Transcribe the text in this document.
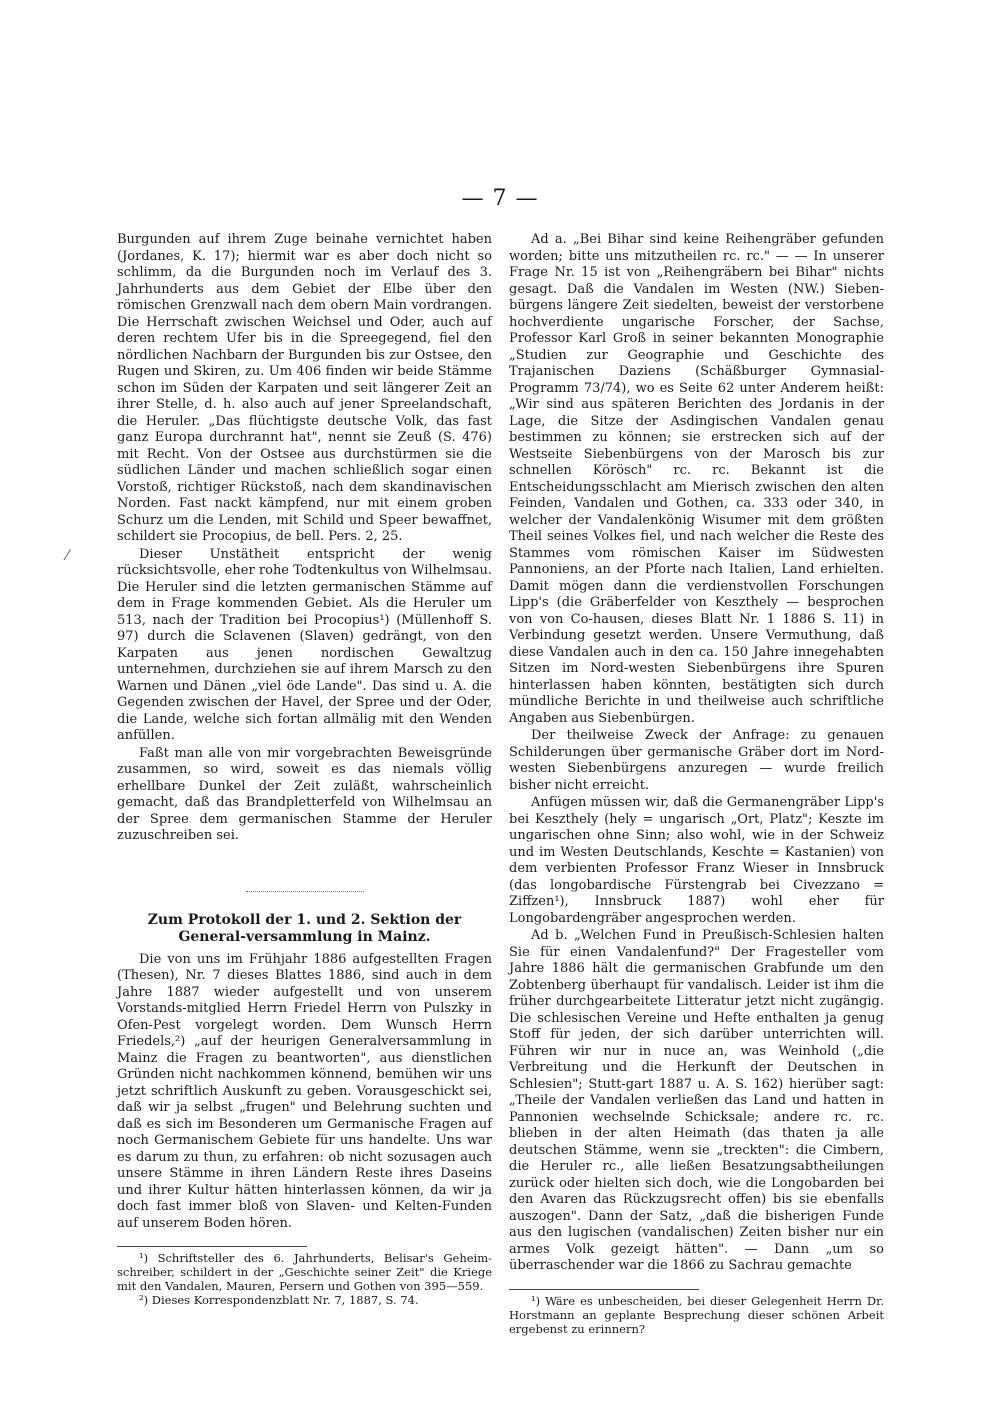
— 7 —
⁄

Burgunden auf ihrem Zuge beinahe vernichtet haben (Jordanes, K. 17); hiermit war es aber doch nicht so schlimm, da die Burgunden noch im Verlauf des 3. Jahrhunderts aus dem Gebiet der Elbe über den römischen Grenzwall nach dem obern Main vordrangen. Die Herrschaft zwischen Weichsel und Oder, auch auf deren rechtem Ufer bis in die Spreegegend, fiel den nördlichen Nachbarn der Burgunden bis zur Ostsee, den Rugen und Skiren, zu. Um 406 finden wir beide Stämme schon im Süden der Karpaten und seit längerer Zeit an ihrer Stelle, d. h. also auch auf jener Spreelandschaft, die Heruler. „Das flüchtigste deutsche Volk, das fast ganz Europa durchrannt hat", nennt sie Zeuß (S. 476) mit Recht. Von der Ostsee aus durchstürmen sie die südlichen Länder und machen schließlich sogar einen Vorstoß, richtiger Rückstoß, nach dem skandinavischen Norden. Fast nackt kämpfend, nur mit einem groben Schurz um die Lenden, mit Schild und Speer bewaffnet, schildert sie Procopius, de bell. Pers. 2, 25.

Dieser Unstätheit entspricht der wenig rücksichtsvolle, eher rohe Todtenkultus von Wilhelmsau. Die Heruler sind die letzten germanischen Stämme auf dem in Frage kommenden Gebiet. Als die Heruler um 513, nach der Tradition bei Procopius¹) (Müllenhoff S. 97) durch die Sclavenen (Slaven) gedrängt, von den Karpaten aus jenen nordischen Gewaltzug unternehmen, durchziehen sie auf ihrem Marsch zu den Warnen und Dänen „viel öde Lande". Das sind u. A. die Gegenden zwischen der Havel, der Spree und der Oder, die Lande, welche sich fortan allmälig mit den Wenden anfüllen.

Faßt man alle von mir vorgebrachten Beweisgründe zusammen, so wird, soweit es das niemals völlig erhellbare Dunkel der Zeit zuläßt, wahrscheinlich gemacht, daß das Brandpletterfeld von Wilhelmsau an der Spree dem germanischen Stamme der Heruler zuzuschreiben sei.

Zum Protokoll der 1. und 2. Sektion der General-versammlung in Mainz.

Die von uns im Frühjahr 1886 aufgestellten Fragen (Thesen), Nr. 7 dieses Blattes 1886, sind auch in dem Jahre 1887 wieder aufgestellt und von unserem Vorstands-mitglied Herrn Friedel Herrn von Pulszky in Ofen-Pest vorgelegt worden. Dem Wunsch Herrn Friedels,²) „auf der heurigen Generalversammlung in Mainz die Fragen zu beantworten", aus dienstlichen Gründen nicht nachkommen könnend, bemühen wir uns jetzt schriftlich Auskunft zu geben. Vorausgeschickt sei, daß wir ja selbst „frugen" und Belehrung suchten und daß es sich im Besonderen um Germanische Fragen auf noch Germanischem Gebiete für uns handelte. Uns war es darum zu thun, zu erfahren: ob nicht sozusagen auch unsere Stämme in ihren Ländern Reste ihres Daseins und ihrer Kultur hätten hinterlassen können, da wir ja doch fast immer bloß von Slaven- und Kelten-Funden auf unserem Boden hören.

¹) Schriftsteller des 6. Jahrhunderts, Belisar's Geheim-schreiber, schildert in der „Geschichte seiner Zeit" die Kriege mit den Vandalen, Mauren, Persern und Gothen von 395—559.

²) Dieses Korrespondenzblatt Nr. 7, 1887, S. 74.

Ad a. „Bei Bihar sind keine Reihengräber gefunden worden; bitte uns mitzutheilen rc. rc." — — In unserer Frage Nr. 15 ist von „Reihengräbern bei Bihar" nichts gesagt. Daß die Vandalen im Westen (NW.) Sieben-bürgens längere Zeit siedelten, beweist der verstorbene hochverdiente ungarische Forscher, der Sachse, Professor Karl Groß in seiner bekannten Monographie „Studien zur Geographie und Geschichte des Trajanischen Daziens (Schäßburger Gymnasial-Programm 73/74), wo es Seite 62 unter Anderem heißt: „Wir sind aus späteren Berichten des Jordanis in der Lage, die Sitze der Asdingischen Vandalen genau bestimmen zu können; sie erstrecken sich auf der Westseite Siebenbürgens von der Marosch bis zur schnellen Körösch" rc. rc. Bekannt ist die Entscheidungsschlacht am Mierisch zwischen den alten Feinden, Vandalen und Gothen, ca. 333 oder 340, in welcher der Vandalenkönig Wisumer mit dem größten Theil seines Volkes fiel, und nach welcher die Reste des Stammes vom römischen Kaiser im Südwesten Pannoniens, an der Pforte nach Italien, Land erhielten. Damit mögen dann die verdienstvollen Forschungen Lipp's (die Gräberfelder von Keszthely — besprochen von von Co-hausen, dieses Blatt Nr. 1 1886 S. 11) in Verbindung gesetzt werden. Unsere Vermuthung, daß diese Vandalen auch in den ca. 150 Jahre innegehabten Sitzen im Nord-westen Siebenbürgens ihre Spuren hinterlassen haben könnten, bestätigten sich durch mündliche Berichte in und theilweise auch schriftliche Angaben aus Siebenbürgen.

Der theilweise Zweck der Anfrage: zu genauen Schilderungen über germanische Gräber dort im Nord-westen Siebenbürgens anzuregen — wurde freilich bisher nicht erreicht.

Anfügen müssen wir, daß die Germanengräber Lipp's bei Keszthely (hely = ungarisch „Ort, Platz"; Keszte im ungarischen ohne Sinn; also wohl, wie in der Schweiz und im Westen Deutschlands, Keschte = Kastanien) von dem verbienten Professor Franz Wieser in Innsbruck (das longobardische Fürstengrab bei Civezzano = Ziffzen¹), Innsbruck 1887) wohl eher für Longobardengräber angesprochen werden.

Ad b. „Welchen Fund in Preußisch-Schlesien halten Sie für einen Vandalenfund?" Der Fragesteller vom Jahre 1886 hält die germanischen Grabfunde um den Zobtenberg überhaupt für vandalisch. Leider ist ihm die früher durchgearbeitete Litteratur jetzt nicht zugängig. Die schlesischen Vereine und Hefte enthalten ja genug Stoff für jeden, der sich darüber unterrichten will. Führen wir nur in nuce an, was Weinhold („die Verbreitung und die Herkunft der Deutschen in Schlesien"; Stutt-gart 1887 u. A. S. 162) hierüber sagt: „Theile der Vandalen verließen das Land und hatten in Pannonien wechselnde Schicksale; andere rc. rc. blieben in der alten Heimath (das thaten ja alle deutschen Stämme, wenn sie „treckten": die Cimbern, die Heruler rc., alle ließen Besatzungsabtheilungen zurück oder hielten sich doch, wie die Longobarden bei den Avaren das Rückzugsrecht offen) bis sie ebenfalls auszogen". Dann der Satz, „daß die bisherigen Funde aus den lugischen (vandalischen) Zeiten bisher nur ein armes Volk gezeigt hätten". — Dann „um so überraschender war die 1866 zu Sachrau gemachte

¹) Wäre es unbescheiden, bei dieser Gelegenheit Herrn Dr. Horstmann an geplante Besprechung dieser schönen Arbeit ergebenst zu erinnern?
